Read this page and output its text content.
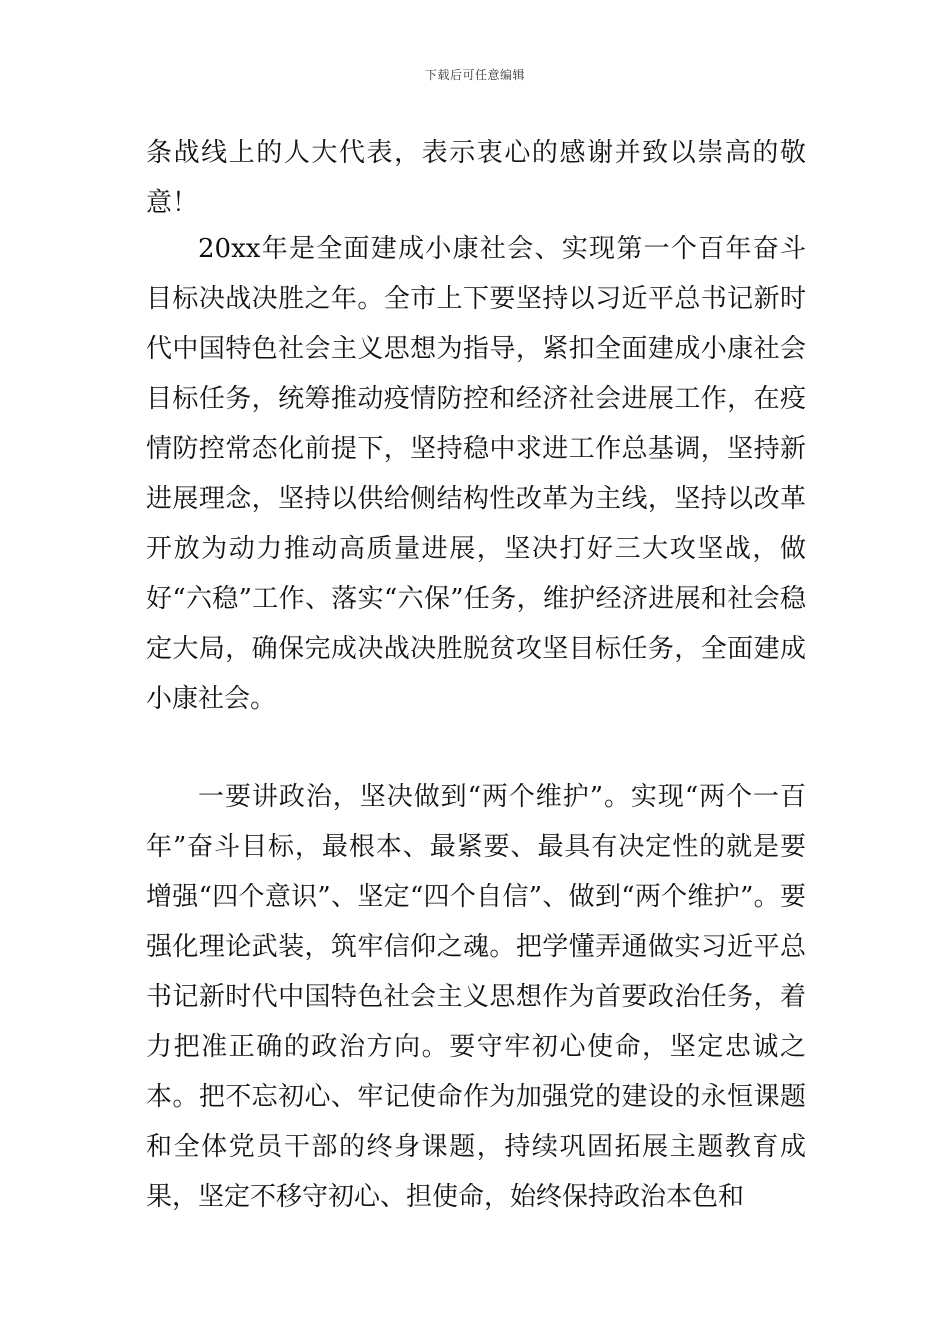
下载后可任意编辑

条战线上的人大代表，表示衷心的感谢并致以崇高的敬意！

20xx年是全面建成小康社会、实现第一个百年奋斗目标决战决胜之年。全市上下要坚持以习近平总书记新时代中国特色社会主义思想为指导，紧扣全面建成小康社会目标任务，统筹推动疫情防控和经济社会进展工作，在疫情防控常态化前提下，坚持稳中求进工作总基调，坚持新进展理念，坚持以供给侧结构性改革为主线，坚持以改革开放为动力推动高质量进展，坚决打好三大攻坚战，做好“六稳”工作、落实“六保”任务，维护经济进展和社会稳定大局，确保完成决战决胜脱贫攻坚目标任务，全面建成小康社会。

一要讲政治，坚决做到“两个维护”。实现“两个一百年”奋斗目标，最根本、最紧要、最具有决定性的就是要增强“四个意识”、坚定“四个自信”、做到“两个维护”。要强化理论武装，筑牢信仰之魂。把学懂弄通做实习近平总书记新时代中国特色社会主义思想作为首要政治任务，着力把准正确的政治方向。要守牢初心使命，坚定忠诚之本。把不忘初心、牢记使命作为加强党的建设的永恒课题和全体党员干部的终身课题，持续巩固拓展主题教育成果，坚定不移守初心、担使命，始终保持政治本色和
